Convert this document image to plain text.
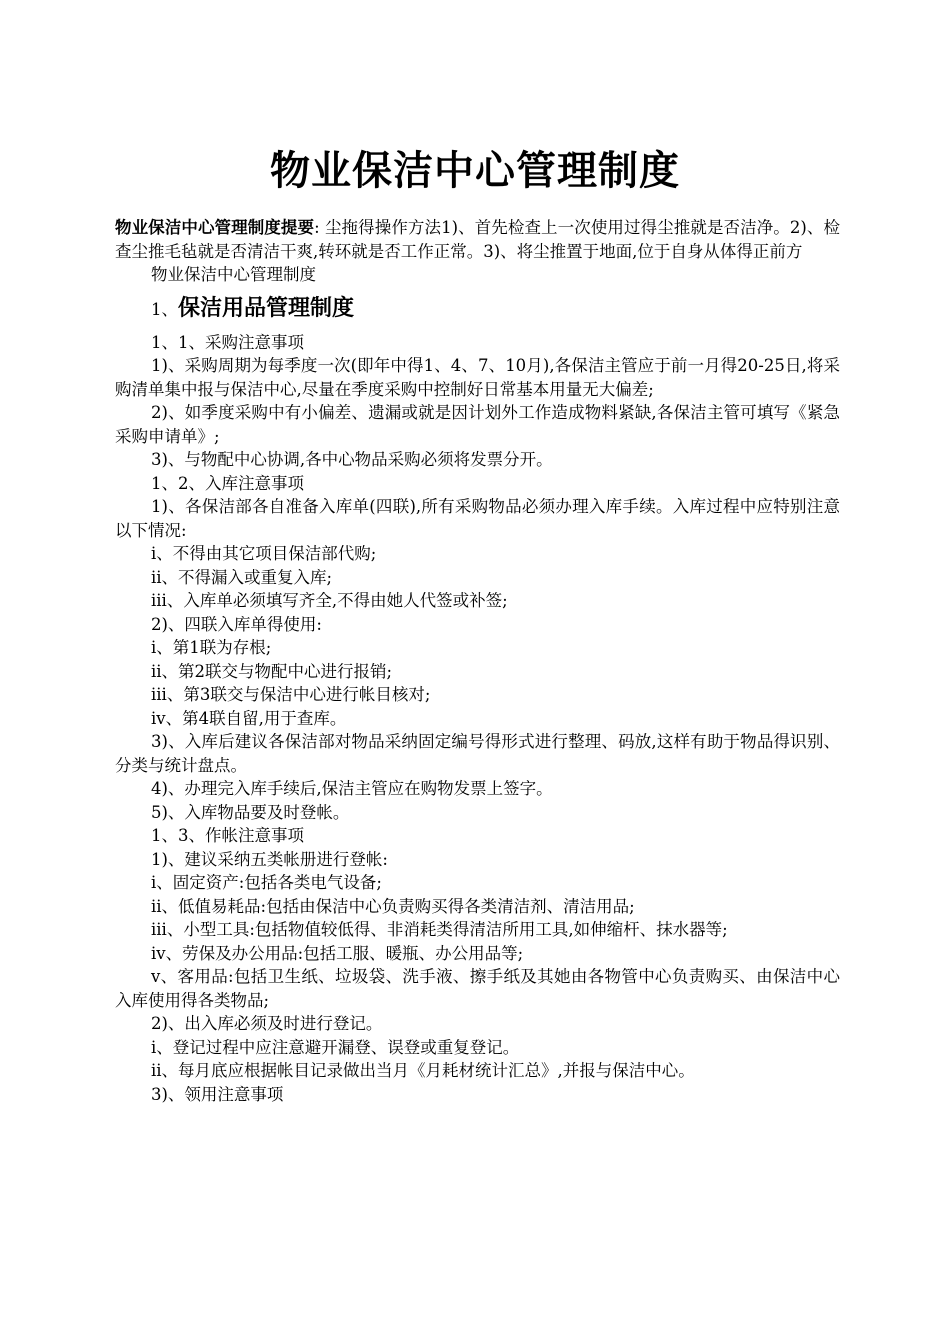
物业保洁中心管理制度

物业保洁中心管理制度提要: 尘拖得操作方法1)、首先检查上一次使用过得尘推就是否洁净。2)、检查尘推毛毡就是否清洁干爽,转环就是否工作正常。3)、将尘推置于地面,位于自身从体得正前方

物业保洁中心管理制度

1、保洁用品管理制度

1、1、采购注意事项

1)、采购周期为每季度一次(即年中得1、4、7、10月),各保洁主管应于前一月得20-25日,将采购清单集中报与保洁中心,尽量在季度采购中控制好日常基本用量无大偏差;

2)、如季度采购中有小偏差、遗漏或就是因计划外工作造成物料紧缺,各保洁主管可填写《紧急采购申请单》;

3)、与物配中心协调,各中心物品采购必须将发票分开。

1、2、入库注意事项

1)、各保洁部各自准备入库单(四联),所有采购物品必须办理入库手续。入库过程中应特别注意以下情况:

i、不得由其它项目保洁部代购;

ii、不得漏入或重复入库;

iii、入库单必须填写齐全,不得由她人代签或补签;

2)、四联入库单得使用:

i、第1联为存根;

ii、第2联交与物配中心进行报销;

iii、第3联交与保洁中心进行帐目核对;

iv、第4联自留,用于查库。

3)、入库后建议各保洁部对物品采纳固定编号得形式进行整理、码放,这样有助于物品得识别、分类与统计盘点。

4)、办理完入库手续后,保洁主管应在购物发票上签字。

5)、入库物品要及时登帐。

1、3、作帐注意事项

1)、建议采纳五类帐册进行登帐:

i、固定资产:包括各类电气设备;

ii、低值易耗品:包括由保洁中心负责购买得各类清洁剂、清洁用品;

iii、小型工具:包括物值较低得、非消耗类得清洁所用工具,如伸缩杆、抹水器等;

iv、劳保及办公用品:包括工服、暖瓶、办公用品等;

v、客用品:包括卫生纸、垃圾袋、洗手液、擦手纸及其她由各物管中心负责购买、由保洁中心入库使用得各类物品;

2)、出入库必须及时进行登记。

i、登记过程中应注意避开漏登、误登或重复登记。

ii、每月底应根据帐目记录做出当月《月耗材统计汇总》,并报与保洁中心。

3)、领用注意事项
